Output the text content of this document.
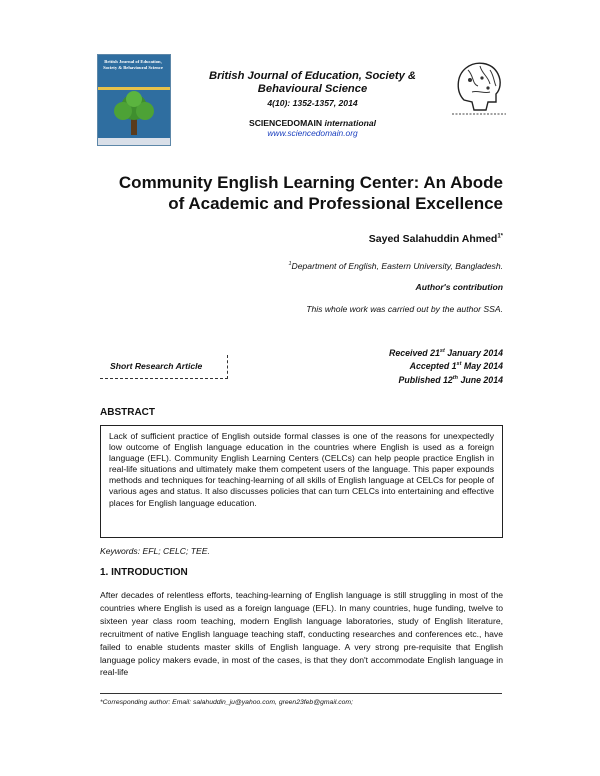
British Journal of Education, Society & Behavioural Science
British Journal of Education, Society & Behavioural Science
4(10): 1352-1357, 2014
SCIENCEDOMAIN international
www.sciencedomain.org
Community English Learning Center: An Abode of Academic and Professional Excellence
Sayed Salahuddin Ahmed$^{1*}$
$^1$Department of English, Eastern University, Bangladesh.
Author's contribution
This whole work was carried out by the author SSA.
Short Research Article
Received 21st January 2014
Accepted 1st May 2014
Published 12th June 2014
ABSTRACT
Lack of sufficient practice of English outside formal classes is one of the reasons for unexpectedly low outcome of English language education in the countries where English is used as a foreign language (EFL). Community English Learning Centers (CELCs) can help people practice English in real-life situations and ultimately make them competent users of the language. This paper expounds methods and techniques for teaching-learning of all skills of English language at CELCs for people of various ages and status. It also discusses policies that can turn CELCs into entertaining and effective places for English language education.
Keywords: EFL; CELC; TEE.
1. INTRODUCTION
After decades of relentless efforts, teaching-learning of English language is still struggling in most of the countries where English is used as a foreign language (EFL). In many countries, huge funding, twelve to sixteen year class room teaching, modern English language laboratories, study of English literature, recruitment of native English language teaching staff, conducting researches and conferences etc., have failed to enable students master skills of English language. A very strong pre-requisite that English language policy makers evade, in most of the cases, is that they don't accommodate English language in real-life
*Corresponding author: Email: salahuddin_ju@yahoo.com, green23feb@gmail.com;
